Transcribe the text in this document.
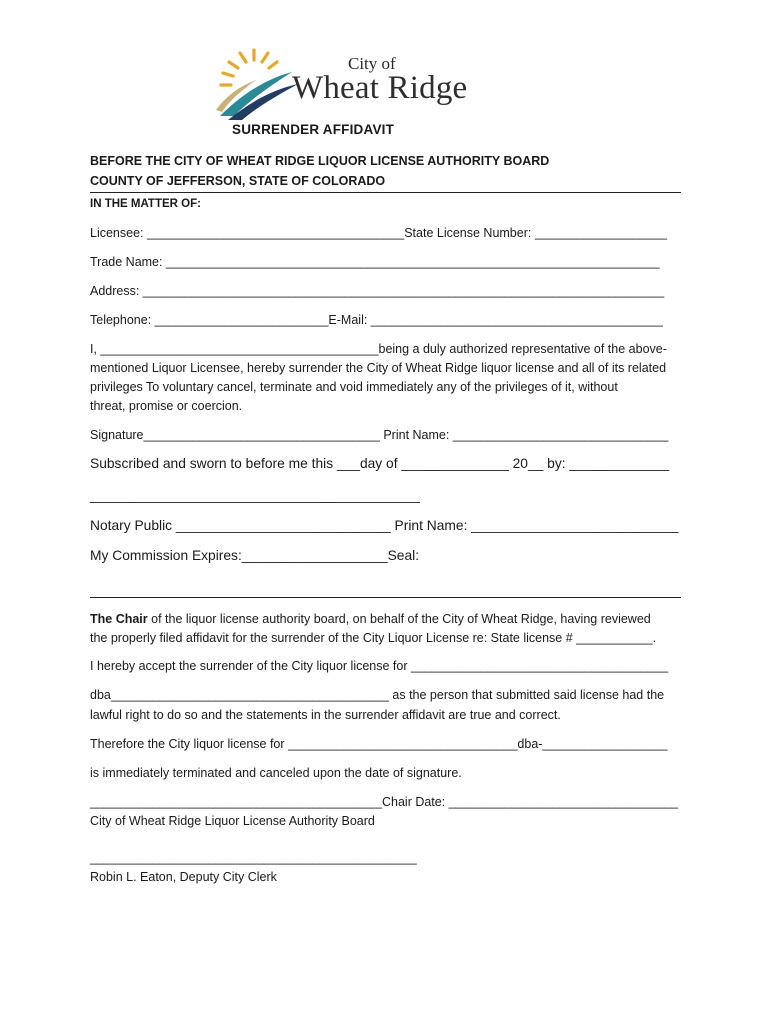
City of
Wheat Ridge
SURRENDER AFFIDAVIT
BEFORE THE CITY OF WHEAT RIDGE LIQUOR LICENSE AUTHORITY BOARD
COUNTY OF JEFFERSON, STATE OF COLORADO
IN THE MATTER OF:
Licensee: _____________________________________State License Number: ___________________
Trade Name: _______________________________________________________________________
Address: ___________________________________________________________________________
Telephone: _________________________E-Mail: __________________________________________
I, ________________________________________being a duly authorized representative of the above-
mentioned Liquor Licensee, hereby surrender the City of Wheat Ridge liquor license and all of its related
privileges To voluntary cancel, terminate and void immediately any of the privileges of it, without
threat, promise or coercion.
Signature__________________________________ Print Name: _______________________________
Subscribed and sworn to before me this ___day of ______________ 20__ by: _____________
___________________________________________
Notary Public ____________________________ Print Name: ___________________________
My Commission Expires:___________________Seal:
The Chair of the liquor license authority board, on behalf of the City of Wheat Ridge, having reviewed
the properly filed affidavit for the surrender of the City Liquor License re: State license # ___________.
I hereby accept the surrender of the City liquor license for _____________________________________
dba________________________________________ as the person that submitted said license had the
lawful right to do so and the statements in the surrender affidavit are true and correct.
Therefore the City liquor license for _________________________________dba-__________________
is immediately terminated and canceled upon the date of signature.
__________________________________________Chair Date: _________________________________
City of Wheat Ridge Liquor License Authority Board
_______________________________________________
Robin L. Eaton, Deputy City Clerk
